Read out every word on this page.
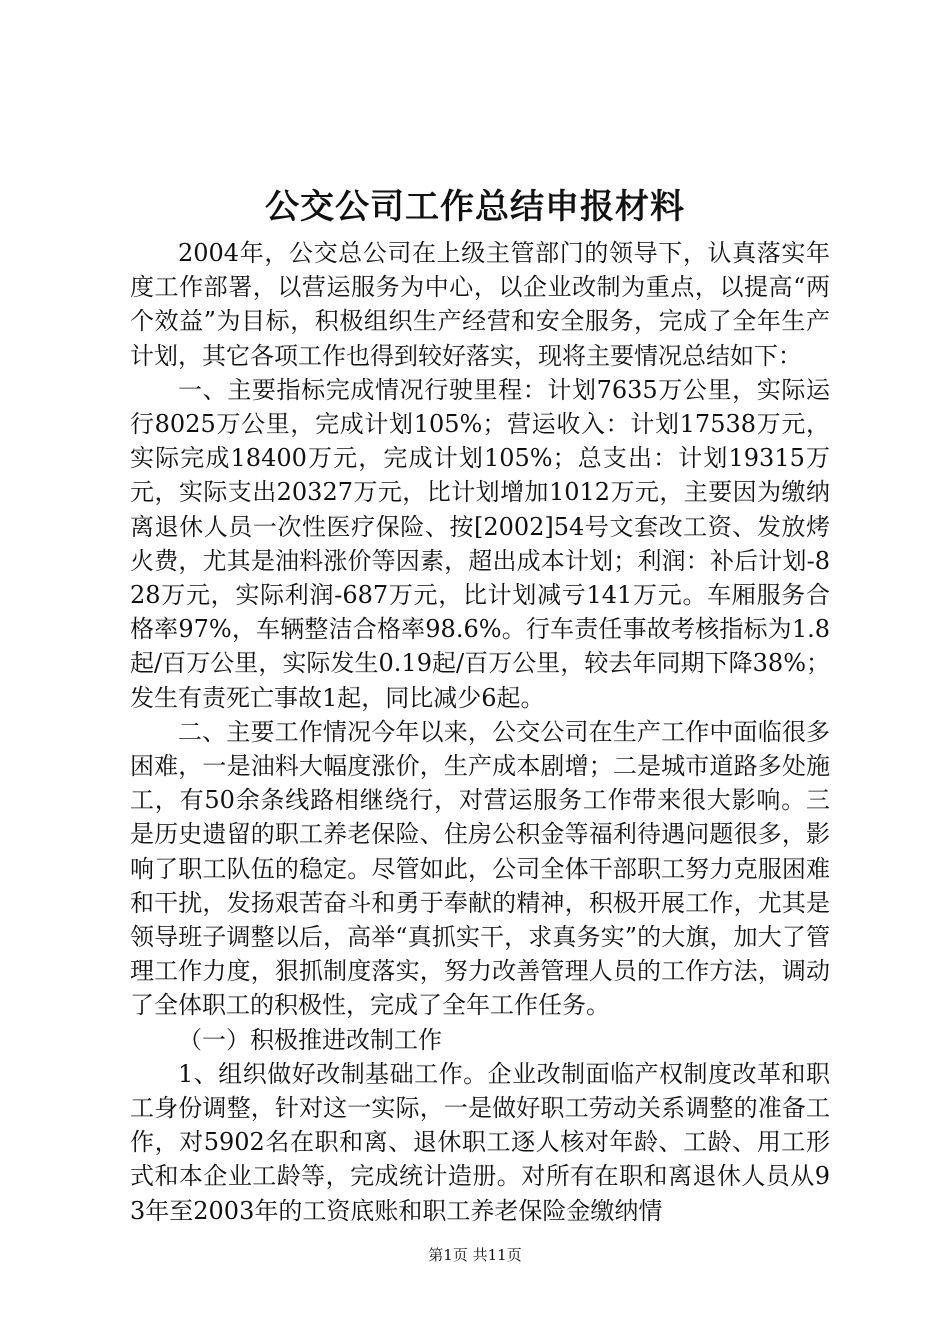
公交公司工作总结申报材料

2004年，公交总公司在上级主管部门的领导下，认真落实年度工作部署，以营运服务为中心，以企业改制为重点，以提高“两个效益”为目标，积极组织生产经营和安全服务，完成了全年生产计划，其它各项工作也得到较好落实，现将主要情况总结如下：

一、主要指标完成情况行驶里程：计划7635万公里，实际运行8025万公里，完成计划105%；营运收入：计划17538万元，实际完成18400万元，完成计划105%；总支出：计划19315万元，实际支出20327万元，比计划增加1012万元，主要因为缴纳离退休人员一次性医疗保险、按[2002]54号文套改工资、发放烤火费，尤其是油料涨价等因素，超出成本计划；利润：补后计划-828万元，实际利润-687万元，比计划减亏141万元。车厢服务合格率97%，车辆整洁合格率98.6%。行车责任事故考核指标为1.8起/百万公里，实际发生0.19起/百万公里，较去年同期下降38%；发生有责死亡事故1起，同比减少6起。

二、主要工作情况今年以来，公交公司在生产工作中面临很多困难，一是油料大幅度涨价，生产成本剧增；二是城市道路多处施工，有50余条线路相继绕行，对营运服务工作带来很大影响。三是历史遗留的职工养老保险、住房公积金等福利待遇问题很多，影响了职工队伍的稳定。尽管如此，公司全体干部职工努力克服困难和干扰，发扬艰苦奋斗和勇于奉献的精神，积极开展工作，尤其是领导班子调整以后，高举“真抓实干，求真务实”的大旗，加大了管理工作力度，狠抓制度落实，努力改善管理人员的工作方法，调动了全体职工的积极性，完成了全年工作任务。

（一）积极推进改制工作

1、组织做好改制基础工作。企业改制面临产权制度改革和职工身份调整，针对这一实际，一是做好职工劳动关系调整的准备工作，对5902名在职和离、退休职工逐人核对年龄、工龄、用工形式和本企业工龄等，完成统计造册。对所有在职和离退休人员从93年至2003年的工资底账和职工养老保险金缴纳情

第1页 共11页
